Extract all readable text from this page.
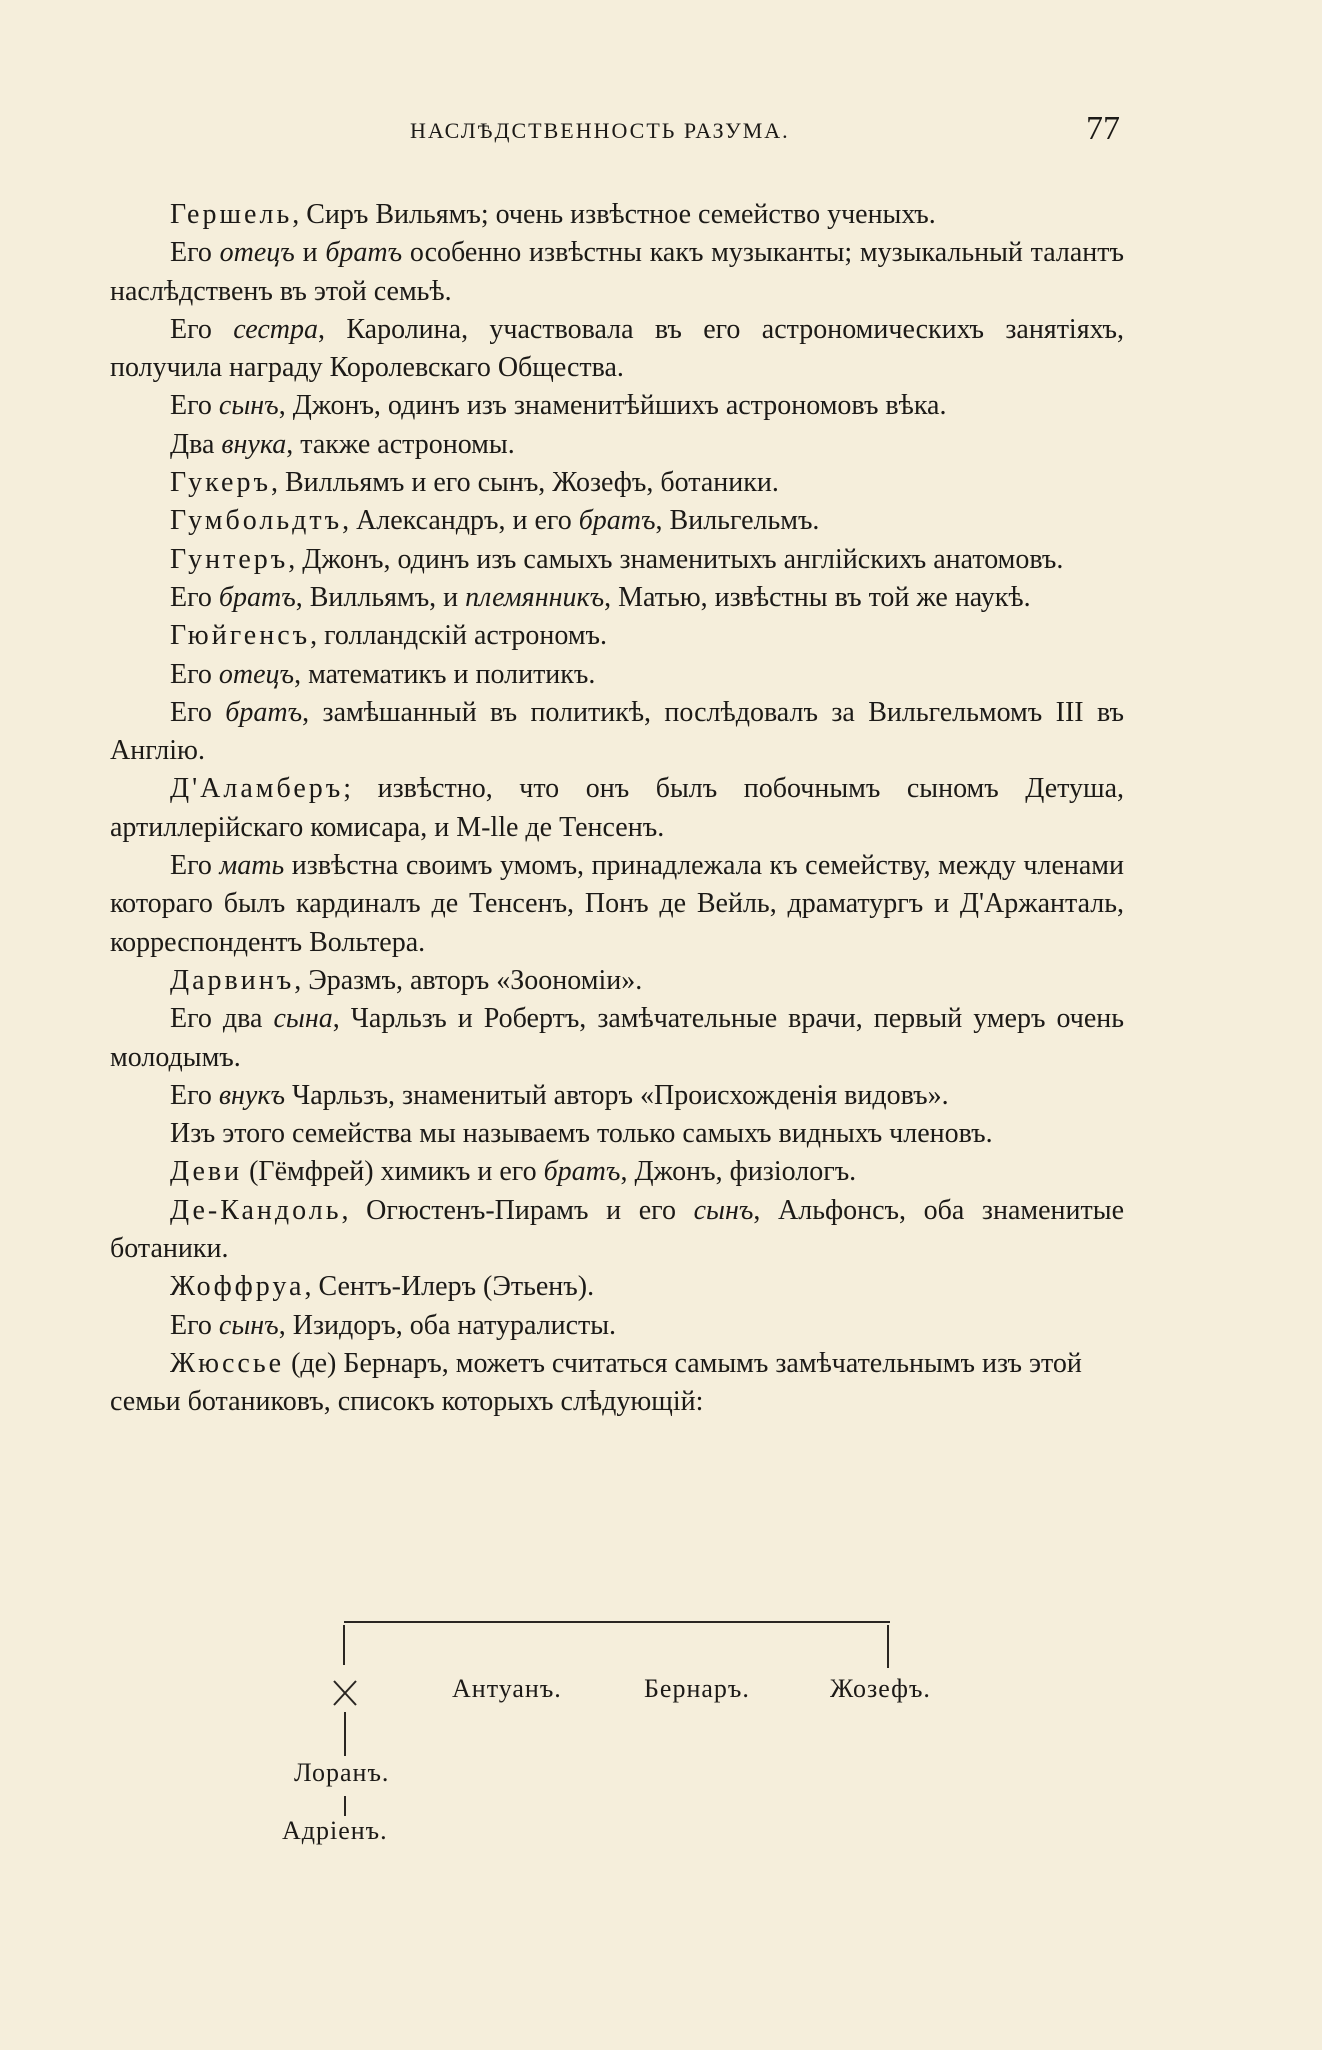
НАСЛѢДСТВЕННОСТЬ РАЗУМА.	77

Гершель, Сиръ Вильямъ; очень извѣстное семейство ученыхъ.

Его отецъ и братъ особенно извѣстны какъ музыканты; музыкальный талантъ наслѣдственъ въ этой семьѣ.

Его сестра, Каролина, участвовала въ его астрономическихъ занятіяхъ, получила награду Королевскаго Общества.

Его сынъ, Джонъ, одинъ изъ знаменитѣйшихъ астрономовъ вѣка.

Два внука, также астрономы.

Гукеръ, Вилльямъ и его сынъ, Жозефъ, ботаники.

Гумбольдтъ, Александръ, и его братъ, Вильгельмъ.

Гунтеръ, Джонъ, одинъ изъ самыхъ знаменитыхъ англійскихъ анатомовъ.

Его братъ, Вилльямъ, и племянникъ, Матью, извѣстны въ той же наукѣ.

Гюйгенсъ, голландскій астрономъ.

Его отецъ, математикъ и политикъ.

Его братъ, замѣшанный въ политикѣ, послѣдовалъ за Вильгельмомъ III въ Англію.

Д'Аламберъ; извѣстно, что онъ былъ побочнымъ сыномъ Детуша, артиллерійскаго комисара, и M-lle де Тенсенъ.

Его мать извѣстна своимъ умомъ, принадлежала къ семейству, между членами котораго былъ кардиналъ де Тенсенъ, Понъ де Вейль, драматургъ и Д'Аржанталь, корреспондентъ Вольтера.

Дарвинъ, Эразмъ, авторъ «Зоономіи».

Его два сына, Чарльзъ и Робертъ, замѣчательные врачи, первый умеръ очень молодымъ.

Его внукъ Чарльзъ, знаменитый авторъ «Происхожденія видовъ».

Изъ этого семейства мы называемъ только самыхъ видныхъ членовъ.

Деви (Гёмфрей) химикъ и его братъ, Джонъ, физіологъ.

Де-Кандоль, Огюстенъ-Пирамъ и его сынъ, Альфонсъ, оба знаменитые ботаники.

Жоффруа, Сентъ-Илеръ (Этьенъ).

Его сынъ, Изидоръ, оба натуралисты.

Жюссье (де) Бернаръ, можетъ считаться самымъ замѣчательнымъ изъ этой семьи ботаниковъ, списокъ которыхъ слѣдующій:

Антуанъ.	Бернаръ.	Жозефъ.
Лоранъ.
Адріенъ.
